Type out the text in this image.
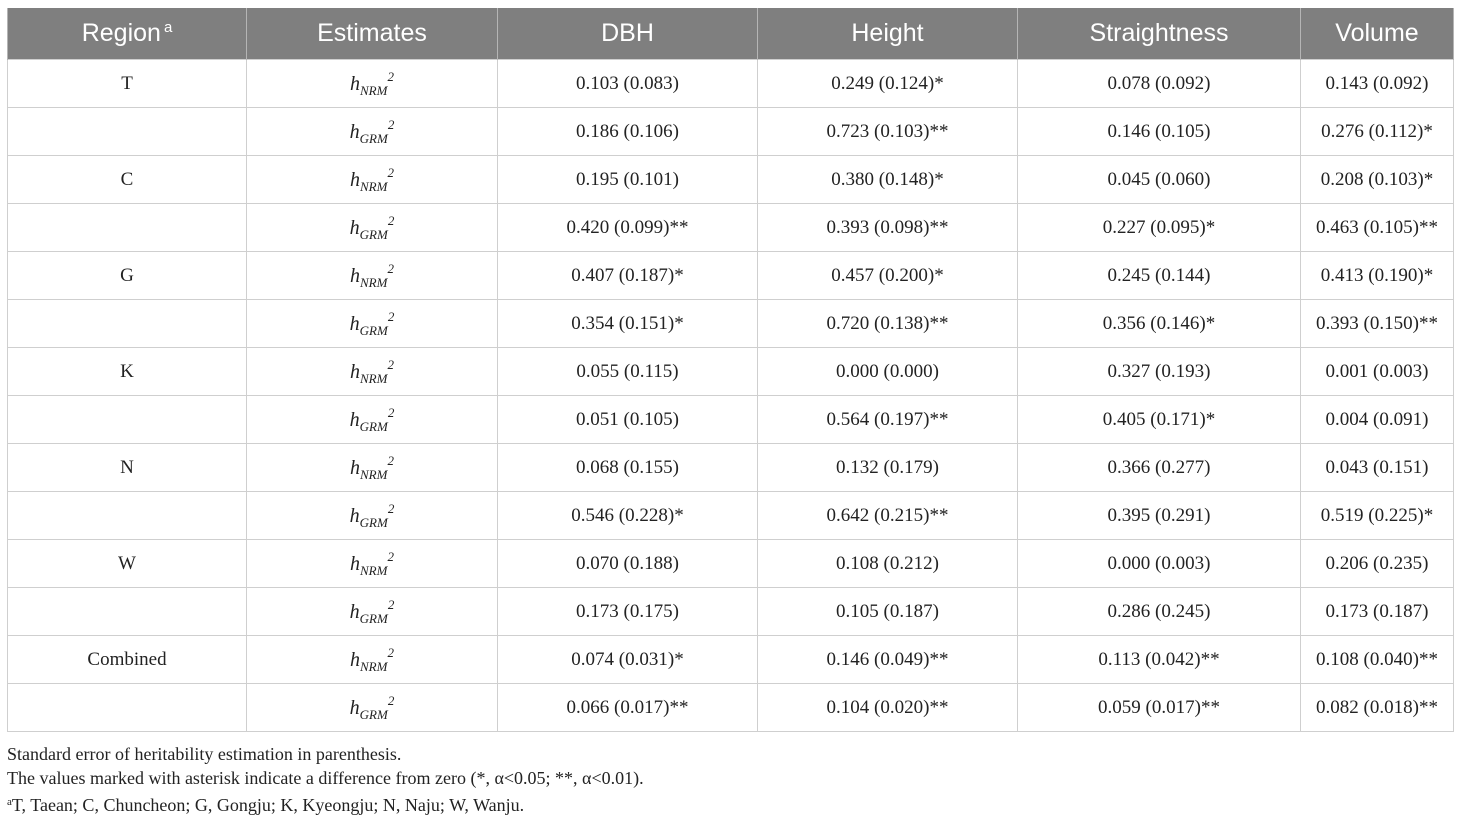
Region $^a$	Estimates	DBH	Height	Straightness	Volume
T	$h_{NRM}^2$	0.103 (0.083)	0.249 (0.124)*	0.078 (0.092)	0.143 (0.092)
	$h_{GRM}^2$	0.186 (0.106)	0.723 (0.103)**	0.146 (0.105)	0.276 (0.112)*
C	$h_{NRM}^2$	0.195 (0.101)	0.380 (0.148)*	0.045 (0.060)	0.208 (0.103)*
	$h_{GRM}^2$	0.420 (0.099)**	0.393 (0.098)**	0.227 (0.095)*	0.463 (0.105)**
G	$h_{NRM}^2$	0.407 (0.187)*	0.457 (0.200)*	0.245 (0.144)	0.413 (0.190)*
	$h_{GRM}^2$	0.354 (0.151)*	0.720 (0.138)**	0.356 (0.146)*	0.393 (0.150)**
K	$h_{NRM}^2$	0.055 (0.115)	0.000 (0.000)	0.327 (0.193)	0.001 (0.003)
	$h_{GRM}^2$	0.051 (0.105)	0.564 (0.197)**	0.405 (0.171)*	0.004 (0.091)
N	$h_{NRM}^2$	0.068 (0.155)	0.132 (0.179)	0.366 (0.277)	0.043 (0.151)
	$h_{GRM}^2$	0.546 (0.228)*	0.642 (0.215)**	0.395 (0.291)	0.519 (0.225)*
W	$h_{NRM}^2$	0.070 (0.188)	0.108 (0.212)	0.000 (0.003)	0.206 (0.235)
	$h_{GRM}^2$	0.173 (0.175)	0.105 (0.187)	0.286 (0.245)	0.173 (0.187)
Combined	$h_{NRM}^2$	0.074 (0.031)*	0.146 (0.049)**	0.113 (0.042)**	0.108 (0.040)**
	$h_{GRM}^2$	0.066 (0.017)**	0.104 (0.020)**	0.059 (0.017)**	0.082 (0.018)**
Standard error of heritability estimation in parenthesis.
The values marked with asterisk indicate a difference from zero (*, α<0.05; **, α<0.01).
$^a$T, Taean; C, Chuncheon; G, Gongju; K, Kyeongju; N, Naju; W, Wanju.
